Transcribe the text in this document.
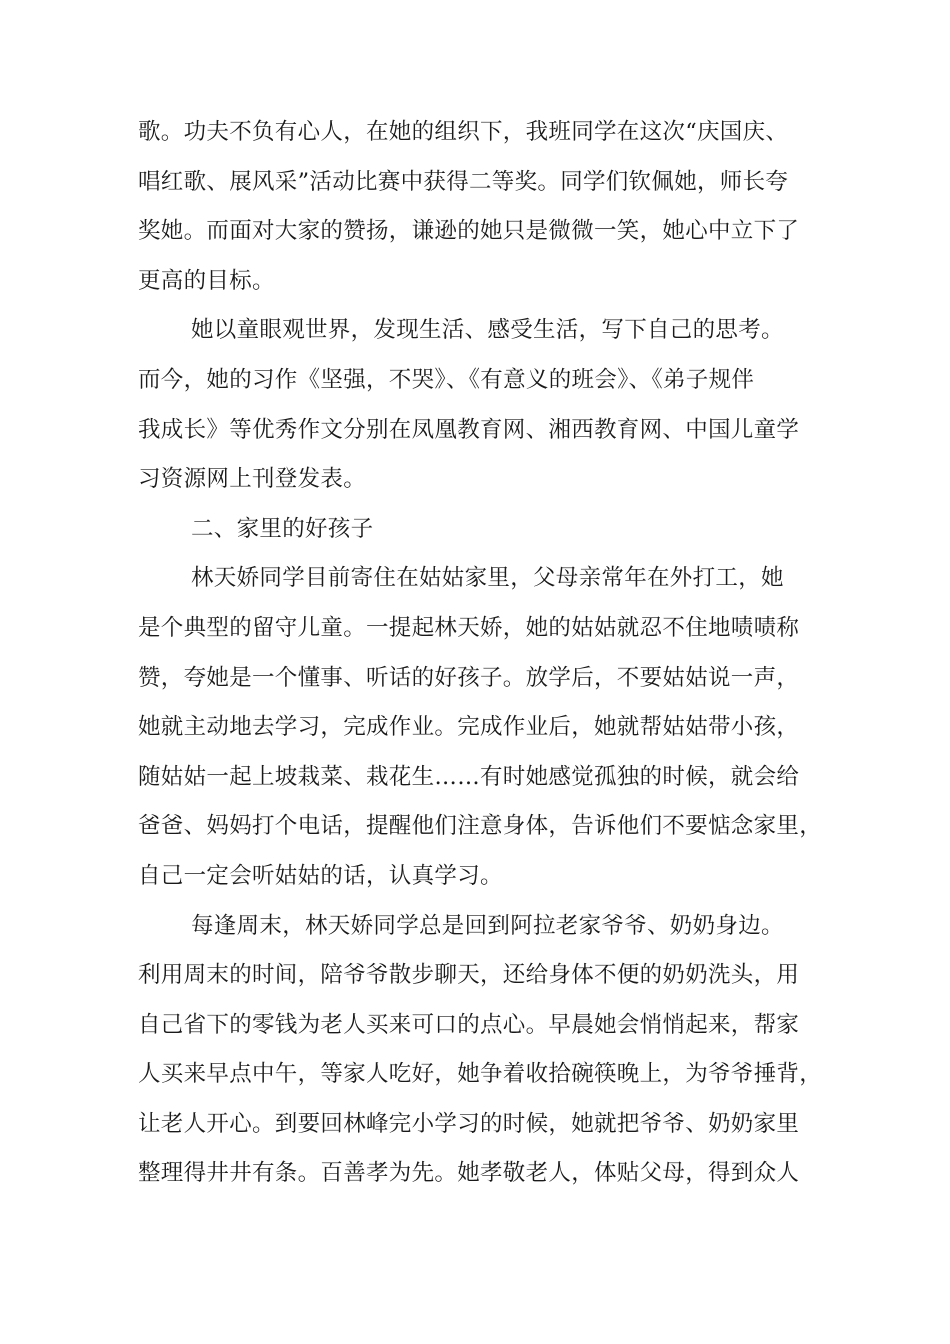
歌。功夫不负有心人，在她的组织下，我班同学在这次“庆国庆、
唱红歌、展风采”活动比赛中获得二等奖。同学们钦佩她，师长夸
奖她。而面对大家的赞扬，谦逊的她只是微微一笑，她心中立下了
更高的目标。
她以童眼观世界，发现生活、感受生活，写下自己的思考。
而今，她的习作《坚强，不哭》、《有意义的班会》、《弟子规伴
我成长》等优秀作文分别在凤凰教育网、湘西教育网、中国儿童学
习资源网上刊登发表。
二、家里的好孩子
林天娇同学目前寄住在姑姑家里，父母亲常年在外打工，她
是个典型的留守儿童。一提起林天娇，她的姑姑就忍不住地啧啧称
赞，夸她是一个懂事、听话的好孩子。放学后，不要姑姑说一声，
她就主动地去学习，完成作业。完成作业后，她就帮姑姑带小孩，
随姑姑一起上坡栽菜、栽花生……有时她感觉孤独的时候，就会给
爸爸、妈妈打个电话，提醒他们注意身体，告诉他们不要惦念家里，
自己一定会听姑姑的话，认真学习。
每逢周末，林天娇同学总是回到阿拉老家爷爷、奶奶身边。
利用周末的时间，陪爷爷散步聊天，还给身体不便的奶奶洗头，用
自己省下的零钱为老人买来可口的点心。早晨她会悄悄起来，帮家
人买来早点中午，等家人吃好，她争着收拾碗筷晚上，为爷爷捶背，
让老人开心。到要回林峰完小学习的时候，她就把爷爷、奶奶家里
整理得井井有条。百善孝为先。她孝敬老人，体贴父母，得到众人
